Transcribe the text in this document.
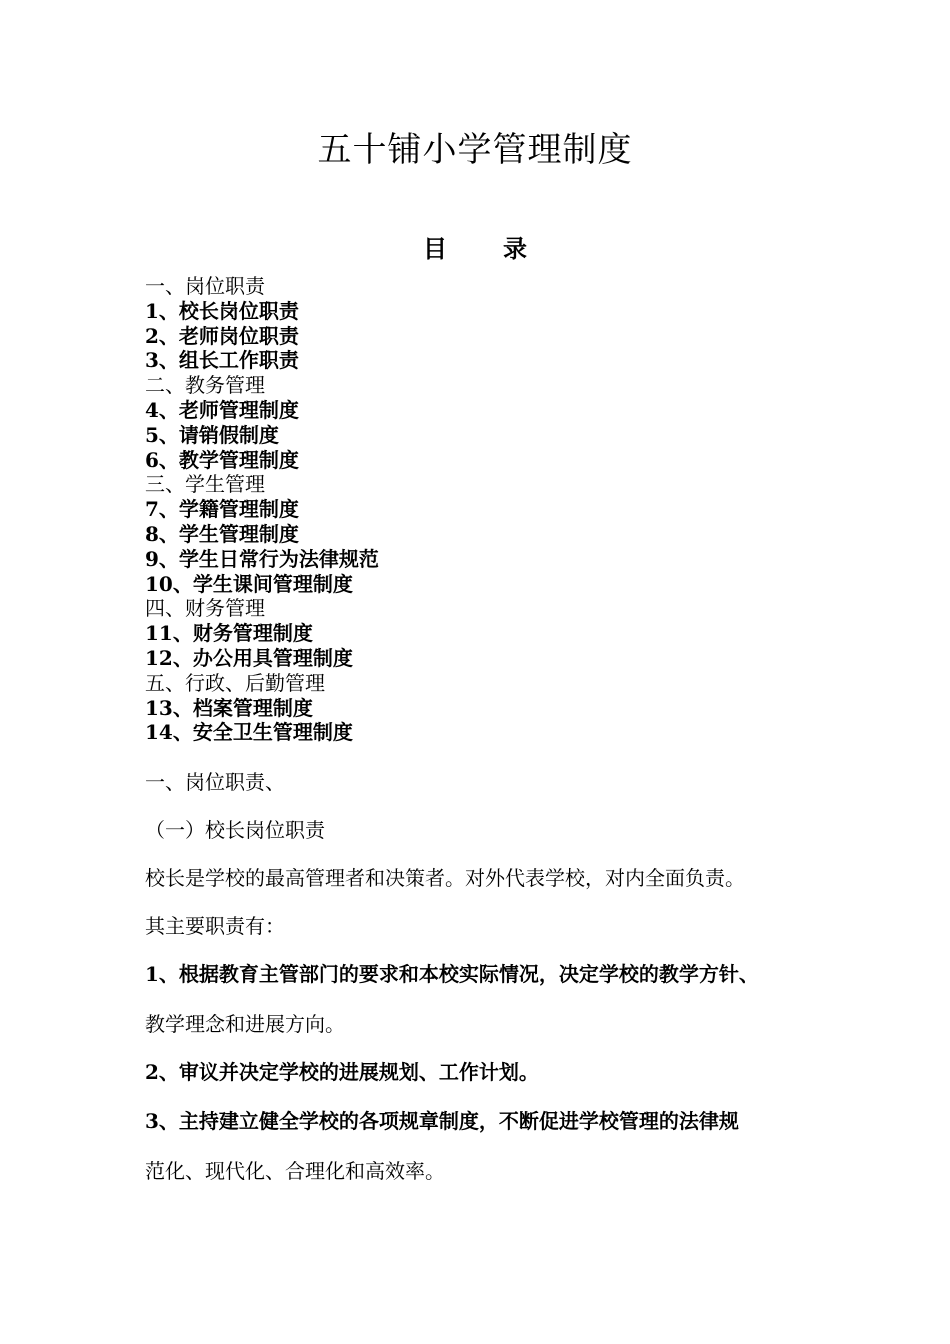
五十铺小学管理制度
目 录
一、岗位职责
1、校长岗位职责
2、老师岗位职责
3、组长工作职责
二、教务管理
4、老师管理制度
5、请销假制度
6、教学管理制度
三、学生管理
7、学籍管理制度
8、学生管理制度
9、学生日常行为法律规范
10、学生课间管理制度
四、财务管理
11、财务管理制度
12、办公用具管理制度
五、行政、后勤管理
13、档案管理制度
14、安全卫生管理制度
一、岗位职责、
（一）校长岗位职责
校长是学校的最高管理者和决策者。对外代表学校，对内全面负责。
其主要职责有：
1、根据教育主管部门的要求和本校实际情况，决定学校的教学方针、
教学理念和进展方向。
2、审议并决定学校的进展规划、工作计划。
3、主持建立健全学校的各项规章制度，不断促进学校管理的法律规
范化、现代化、合理化和高效率。
